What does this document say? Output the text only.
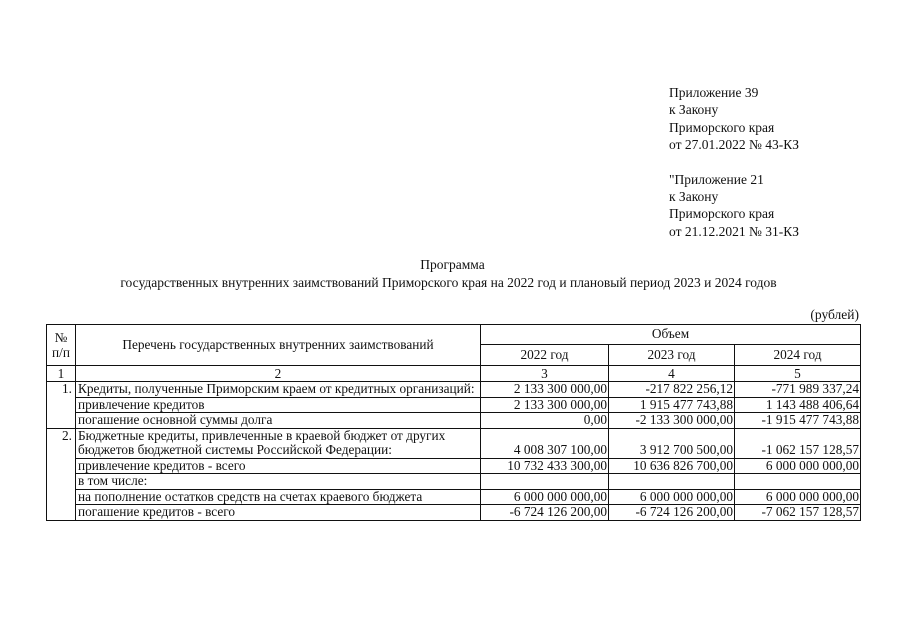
Приложение 39
к Закону
Приморского края
от 27.01.2022 № 43-КЗ
"Приложение 21
к Закону
Приморского края
от 21.12.2021 № 31-КЗ
Программа
государственных внутренних заимствований Приморского края на 2022 год и плановый период 2023 и 2024 годов
(рублей)
№
п/п	Перечень государственных внутренних заимствований	Объем		
		2022 год	2023 год	2024 год
1	2	3	4	5
1.	Кредиты, полученные Приморским краем от кредитных организаций:	2 133 300 000,00	-217 822 256,12	-771 989 337,24
	привлечение кредитов	2 133 300 000,00	1 915 477 743,88	1 143 488 406,64
	погашение основной суммы долга	0,00	-2 133 300 000,00	-1 915 477 743,88
2.	Бюджетные кредиты, привлеченные в краевой бюджет от других бюджетов бюджетной системы Российской Федерации:	4 008 307 100,00	3 912 700 500,00	-1 062 157 128,57
	привлечение кредитов - всего	10 732 433 300,00	10 636 826 700,00	6 000 000 000,00
	в том числе:			
	на пополнение остатков средств на счетах краевого бюджета	6 000 000 000,00	6 000 000 000,00	6 000 000 000,00
	погашение кредитов - всего	-6 724 126 200,00	-6 724 126 200,00	-7 062 157 128,57
